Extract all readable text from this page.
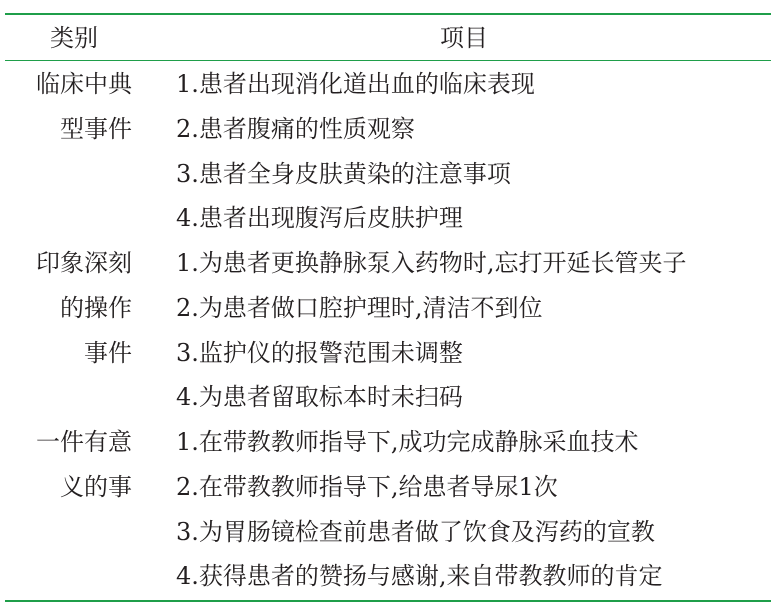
类别	项目
临床中典
型事件
1.患者出现消化道出血的临床表现
2.患者腹痛的性质观察
3.患者全身皮肤黄染的注意事项
4.患者出现腹泻后皮肤护理
印象深刻
的操作
事件
1.为患者更换静脉泵入药物时,忘打开延长管夹子
2.为患者做口腔护理时,清洁不到位
3.监护仪的报警范围未调整
4.为患者留取标本时未扫码
一件有意
义的事
1.在带教教师指导下,成功完成静脉采血技术
2.在带教教师指导下,给患者导尿1次
3.为胃肠镜检查前患者做了饮食及泻药的宣教
4.获得患者的赞扬与感谢,来自带教教师的肯定
